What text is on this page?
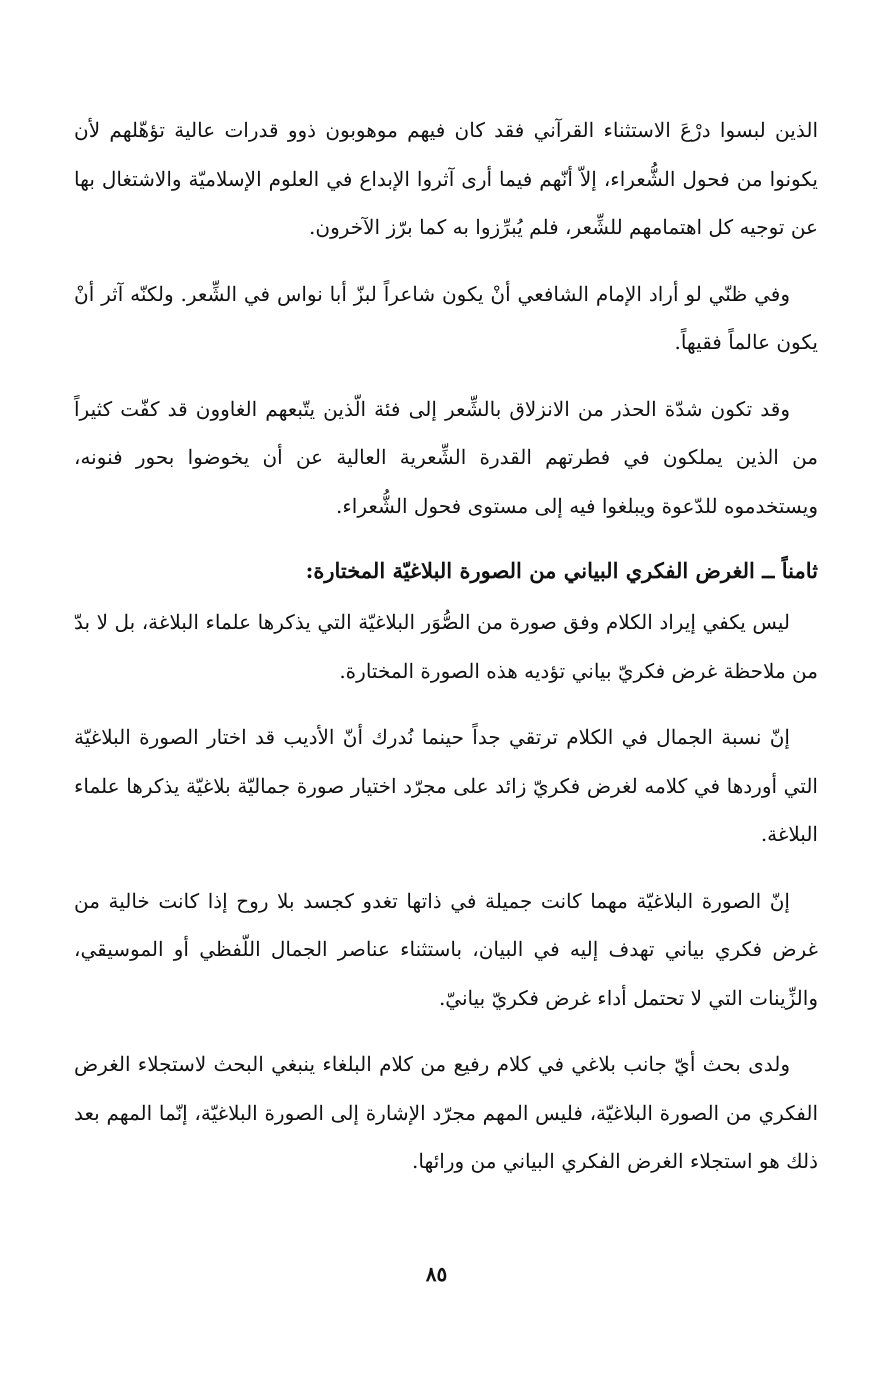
الذين لبسوا درْعَ الاستثناء القرآني فقد كان فيهم موهوبون ذوو قدرات عالية تؤهّلهم لأن يكونوا من فحول الشُّعراء، إلاّ أنّهم فيما أرى آثروا الإبداع في العلوم الإسلاميّة والاشتغال بها عن توجيه كل اهتمامهم للشِّعر، فلم يُبرِّزوا به كما برّز الآخرون.

وفي ظنّي لو أراد الإمام الشافعي أنْ يكون شاعراً لبزّ أبا نواس في الشِّعر. ولكنّه آثر أنْ يكون عالماً فقيهاً.

وقد تكون شدّة الحذر من الانزلاق بالشِّعر إلى فئة الّذين يتّبعهم الغاوون قد كفّت كثيراً من الذين يملكون في فطرتهم القدرة الشِّعرية العالية عن أن يخوضوا بحور فنونه، ويستخدموه للدّعوة ويبلغوا فيه إلى مستوى فحول الشُّعراء.

ثامناً ــ الغرض الفكري البياني من الصورة البلاغيّة المختارة:

ليس يكفي إيراد الكلام وفق صورة من الصُّوَر البلاغيّة التي يذكرها علماء البلاغة، بل لا بدّ من ملاحظة غرض فكريّ بياني تؤديه هذه الصورة المختارة.

إنّ نسبة الجمال في الكلام ترتقي جداً حينما نُدرك أنّ الأديب قد اختار الصورة البلاغيّة التي أوردها في كلامه لغرض فكريّ زائد على مجرّد اختيار صورة جماليّة بلاغيّة يذكرها علماء البلاغة.

إنّ الصورة البلاغيّة مهما كانت جميلة في ذاتها تغدو كجسد بلا روح إذا كانت خالية من غرض فكري بياني تهدف إليه في البيان، باستثناء عناصر الجمال اللّفظي أو الموسيقي، والزِّينات التي لا تحتمل أداء غرض فكريّ بيانيّ.

ولدى بحث أيّ جانب بلاغي في كلام رفيع من كلام البلغاء ينبغي البحث لاستجلاء الغرض الفكري من الصورة البلاغيّة، فليس المهم مجرّد الإشارة إلى الصورة البلاغيّة، إنّما المهم بعد ذلك هو استجلاء الغرض الفكري البياني من ورائها.

٨٥
